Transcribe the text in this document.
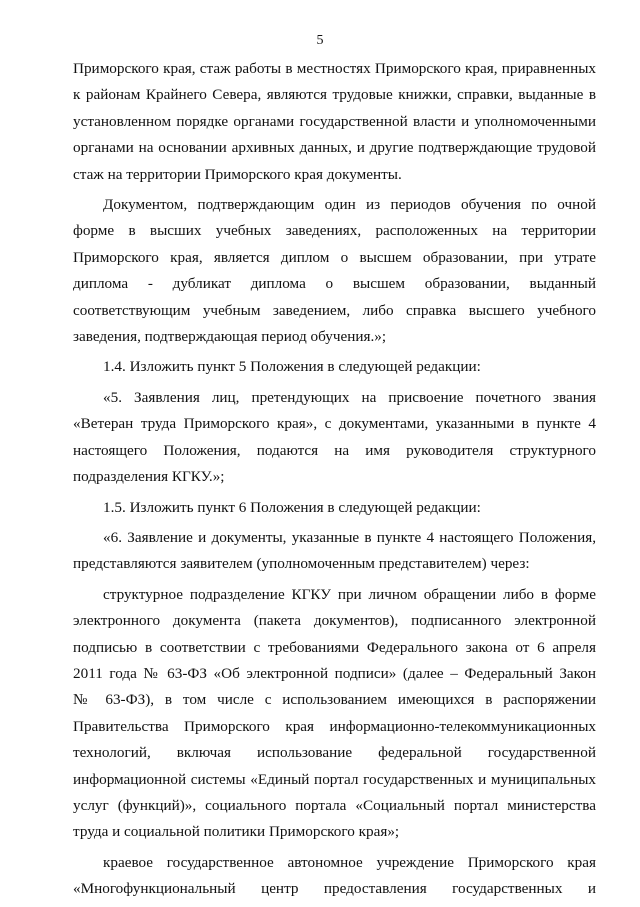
5
Приморского края, стаж работы в местностях Приморского края, приравненных
к районам Крайнего Севера, являются трудовые книжки, справки, выданные в
установленном порядке органами государственной власти и уполномоченными
органами на основании архивных данных, и другие подтверждающие трудовой
стаж на территории Приморского края документы.
Документом, подтверждающим один из периодов обучения по очной
форме в высших учебных заведениях, расположенных на территории
Приморского края, является диплом о высшем образовании, при утрате
диплома - дубликат диплома о высшем образовании, выданный
соответствующим учебным заведением, либо справка высшего учебного
заведения, подтверждающая период обучения.»;
1.4. Изложить пункт 5 Положения в следующей редакции:
«5. Заявления лиц, претендующих на присвоение почетного звания
«Ветеран труда Приморского края», с документами, указанными в пункте 4
настоящего Положения, подаются на имя руководителя структурного
подразделения КГКУ.»;
1.5. Изложить пункт 6 Положения в следующей редакции:
«6. Заявление и документы, указанные в пункте 4 настоящего Положения,
представляются заявителем (уполномоченным представителем) через:
структурное подразделение КГКУ при личном обращении либо в форме
электронного документа (пакета документов), подписанного электронной
подписью в соответствии с требованиями Федерального закона от 6 апреля
2011 года № 63-ФЗ «Об электронной подписи» (далее – Федеральный Закон
№ 63-ФЗ), в том числе с использованием имеющихся в распоряжении
Правительства Приморского края информационно-телекоммуникационных
технологий, включая использование федеральной государственной
информационной системы «Единый портал государственных и муниципальных
услуг (функций)», социального портала «Социальный портал министерства
труда и социальной политики Приморского края»;
краевое государственное автономное учреждение Приморского края
«Многофункциональный центр предоставления государственных и
